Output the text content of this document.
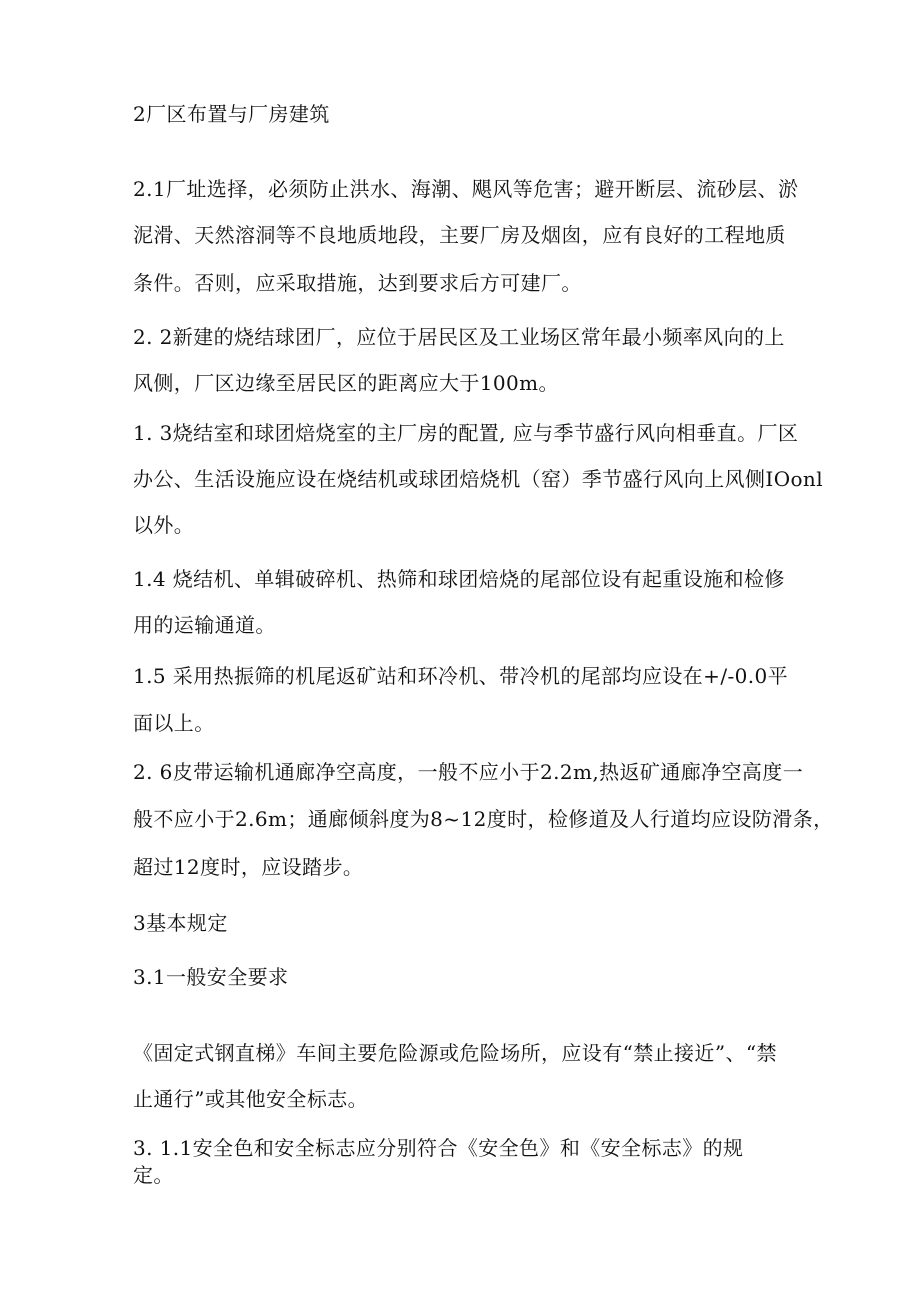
2厂区布置与厂房建筑
2.1厂址选择，必须防止洪水、海潮、飓风等危害；避开断层、流砂层、淤
泥滑、天然溶洞等不良地质地段，主要厂房及烟囱，应有良好的工程地质
条件。否则，应采取措施，达到要求后方可建厂。
2. 2新建的烧结球团厂，应位于居民区及工业场区常年最小频率风向的上
风侧，厂区边缘至居民区的距离应大于100m。
1. 3烧结室和球团焙烧室的主厂房的配置, 应与季节盛行风向相垂直。厂区
办公、生活设施应设在烧结机或球团焙烧机（窑）季节盛行风向上风侧IOonl
以外。
1.4 烧结机、单辑破碎机、热筛和球团焙烧的尾部位设有起重设施和检修
用的运输通道。
1.5 采用热振筛的机尾返矿站和环冷机、带冷机的尾部均应设在+/-0.0平
面以上。
2. 6皮带运输机通廊净空高度，一般不应小于2.2m,热返矿通廊净空高度一
般不应小于2.6m；通廊倾斜度为8~12度时，检修道及人行道均应设防滑条，
超过12度时，应设踏步。
3基本规定
3.1一般安全要求
《固定式钢直梯》车间主要危险源或危险场所，应设有“禁止接近”、“禁
止通行”或其他安全标志。
3. 1.1安全色和安全标志应分别符合《安全色》和《安全标志》的规
定。
